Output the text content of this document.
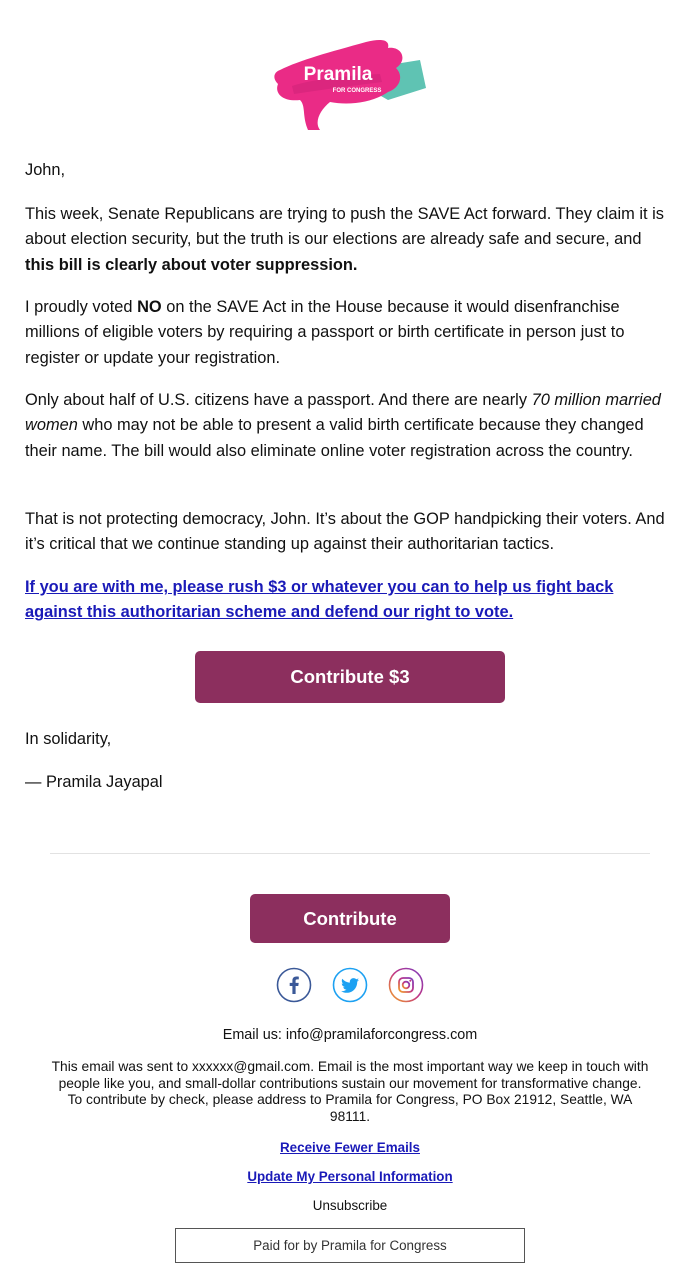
Pramila
FOR CONGRESS
John,

This week, Senate Republicans are trying to push the SAVE Act forward. They claim it is about election security, but the truth is our elections are already safe and secure, and this bill is clearly about voter suppression.

I proudly voted NO on the SAVE Act in the House because it would disenfranchise millions of eligible voters by requiring a passport or birth certificate in person just to register or update your registration.

Only about half of U.S. citizens have a passport. And there are nearly 70 million married women who may not be able to present a valid birth certificate because they changed their name. The bill would also eliminate online voter registration across the country.

That is not protecting democracy, John. It’s about the GOP handpicking their voters. And it’s critical that we continue standing up against their authoritarian tactics.
If you are with me, please rush $3 or whatever you can to help us fight back against this authoritarian scheme and defend our right to vote.
Contribute $3
In solidarity,
— Pramila Jayapal
Contribute
Email us: info@pramilaforcongress.com
This email was sent to xxxxxx@gmail.com. Email is the most important way we keep in touch with people like you, and small-dollar contributions sustain our movement for transformative change. To contribute by check, please address to Pramila for Congress, PO Box 21912, Seattle, WA 98111.
Receive Fewer Emails
Update My Personal Information
Unsubscribe
Paid for by Pramila for Congress
